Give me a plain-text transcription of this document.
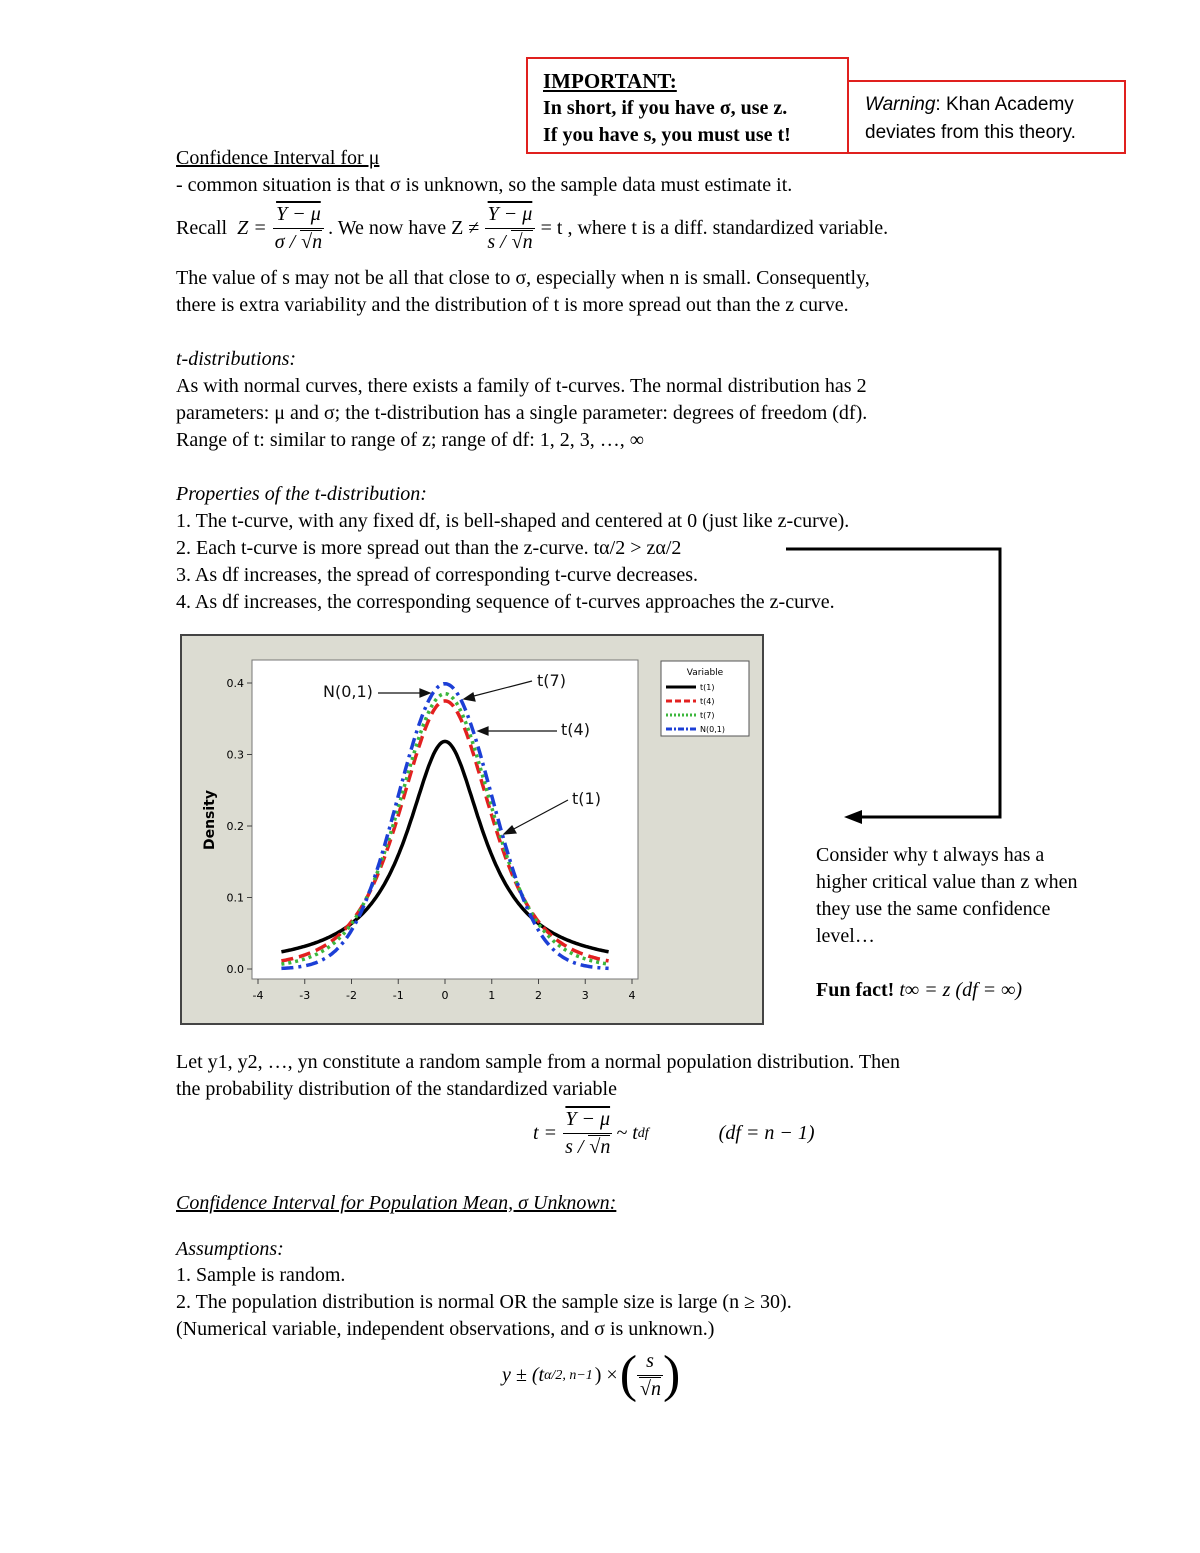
IMPORTANT:
In short, if you have σ, use z.
If you have s, you must use t!
Warning: Khan Academy
deviates from this theory.
Confidence Interval for μ
- common situation is that σ is unknown, so the sample data must estimate it.
Recall $Z = \frac{Y - \mu}{\sigma / √n}$ . We now have $Z \ne \frac{Y - \mu}{s / √n} = t$ , where t is a diff. standardized variable.
The value of s may not be all that close to σ, especially when n is small. Consequently,
there is extra variability and the distribution of t is more spread out than the z curve.
t-distributions:
As with normal curves, there exists a family of t-curves. The normal distribution has 2
parameters: μ and σ; the t-distribution has a single parameter: degrees of freedom (df).
Range of t: similar to range of z; range of df: 1, 2, 3, …, ∞
Properties of the t-distribution:
1. The t-curve, with any fixed df, is bell-shaped and centered at 0 (just like z-curve).
2. Each t-curve is more spread out than the z-curve. tα/2 > zα/2
3. As df increases, the spread of corresponding t-curve decreases.
4. As df increases, the corresponding sequence of t-curves approaches the z-curve.
Density
-4	-3	-2	-1	0	1	2	3	4
0.0
0.1
0.2
0.3
0.4	N(0,1)
t(7)
t(4)
t(1)
Variable
t(1)
t(4)
t(7)
N(0,1)
Consider why t always has a
higher critical value than z when
they use the same confidence
level…
Fun fact! t∞ = z (df = ∞)
Let y1, y2, …, yn constitute a random sample from a normal population distribution. Then
the probability distribution of the standardized variable
$t = \frac{Y - \mu}{s / √n}$ ~ t df	(df = n − 1)
Confidence Interval for Population Mean, σ Unknown:
Assumptions:
1. Sample is random.
2. The population distribution is normal OR the sample size is large (n ≥ 30).
(Numerical variable, independent observations, and σ is unknown.)
y ± (t α/2, n−1 ) × ( $\frac{s}{√n}$ )
